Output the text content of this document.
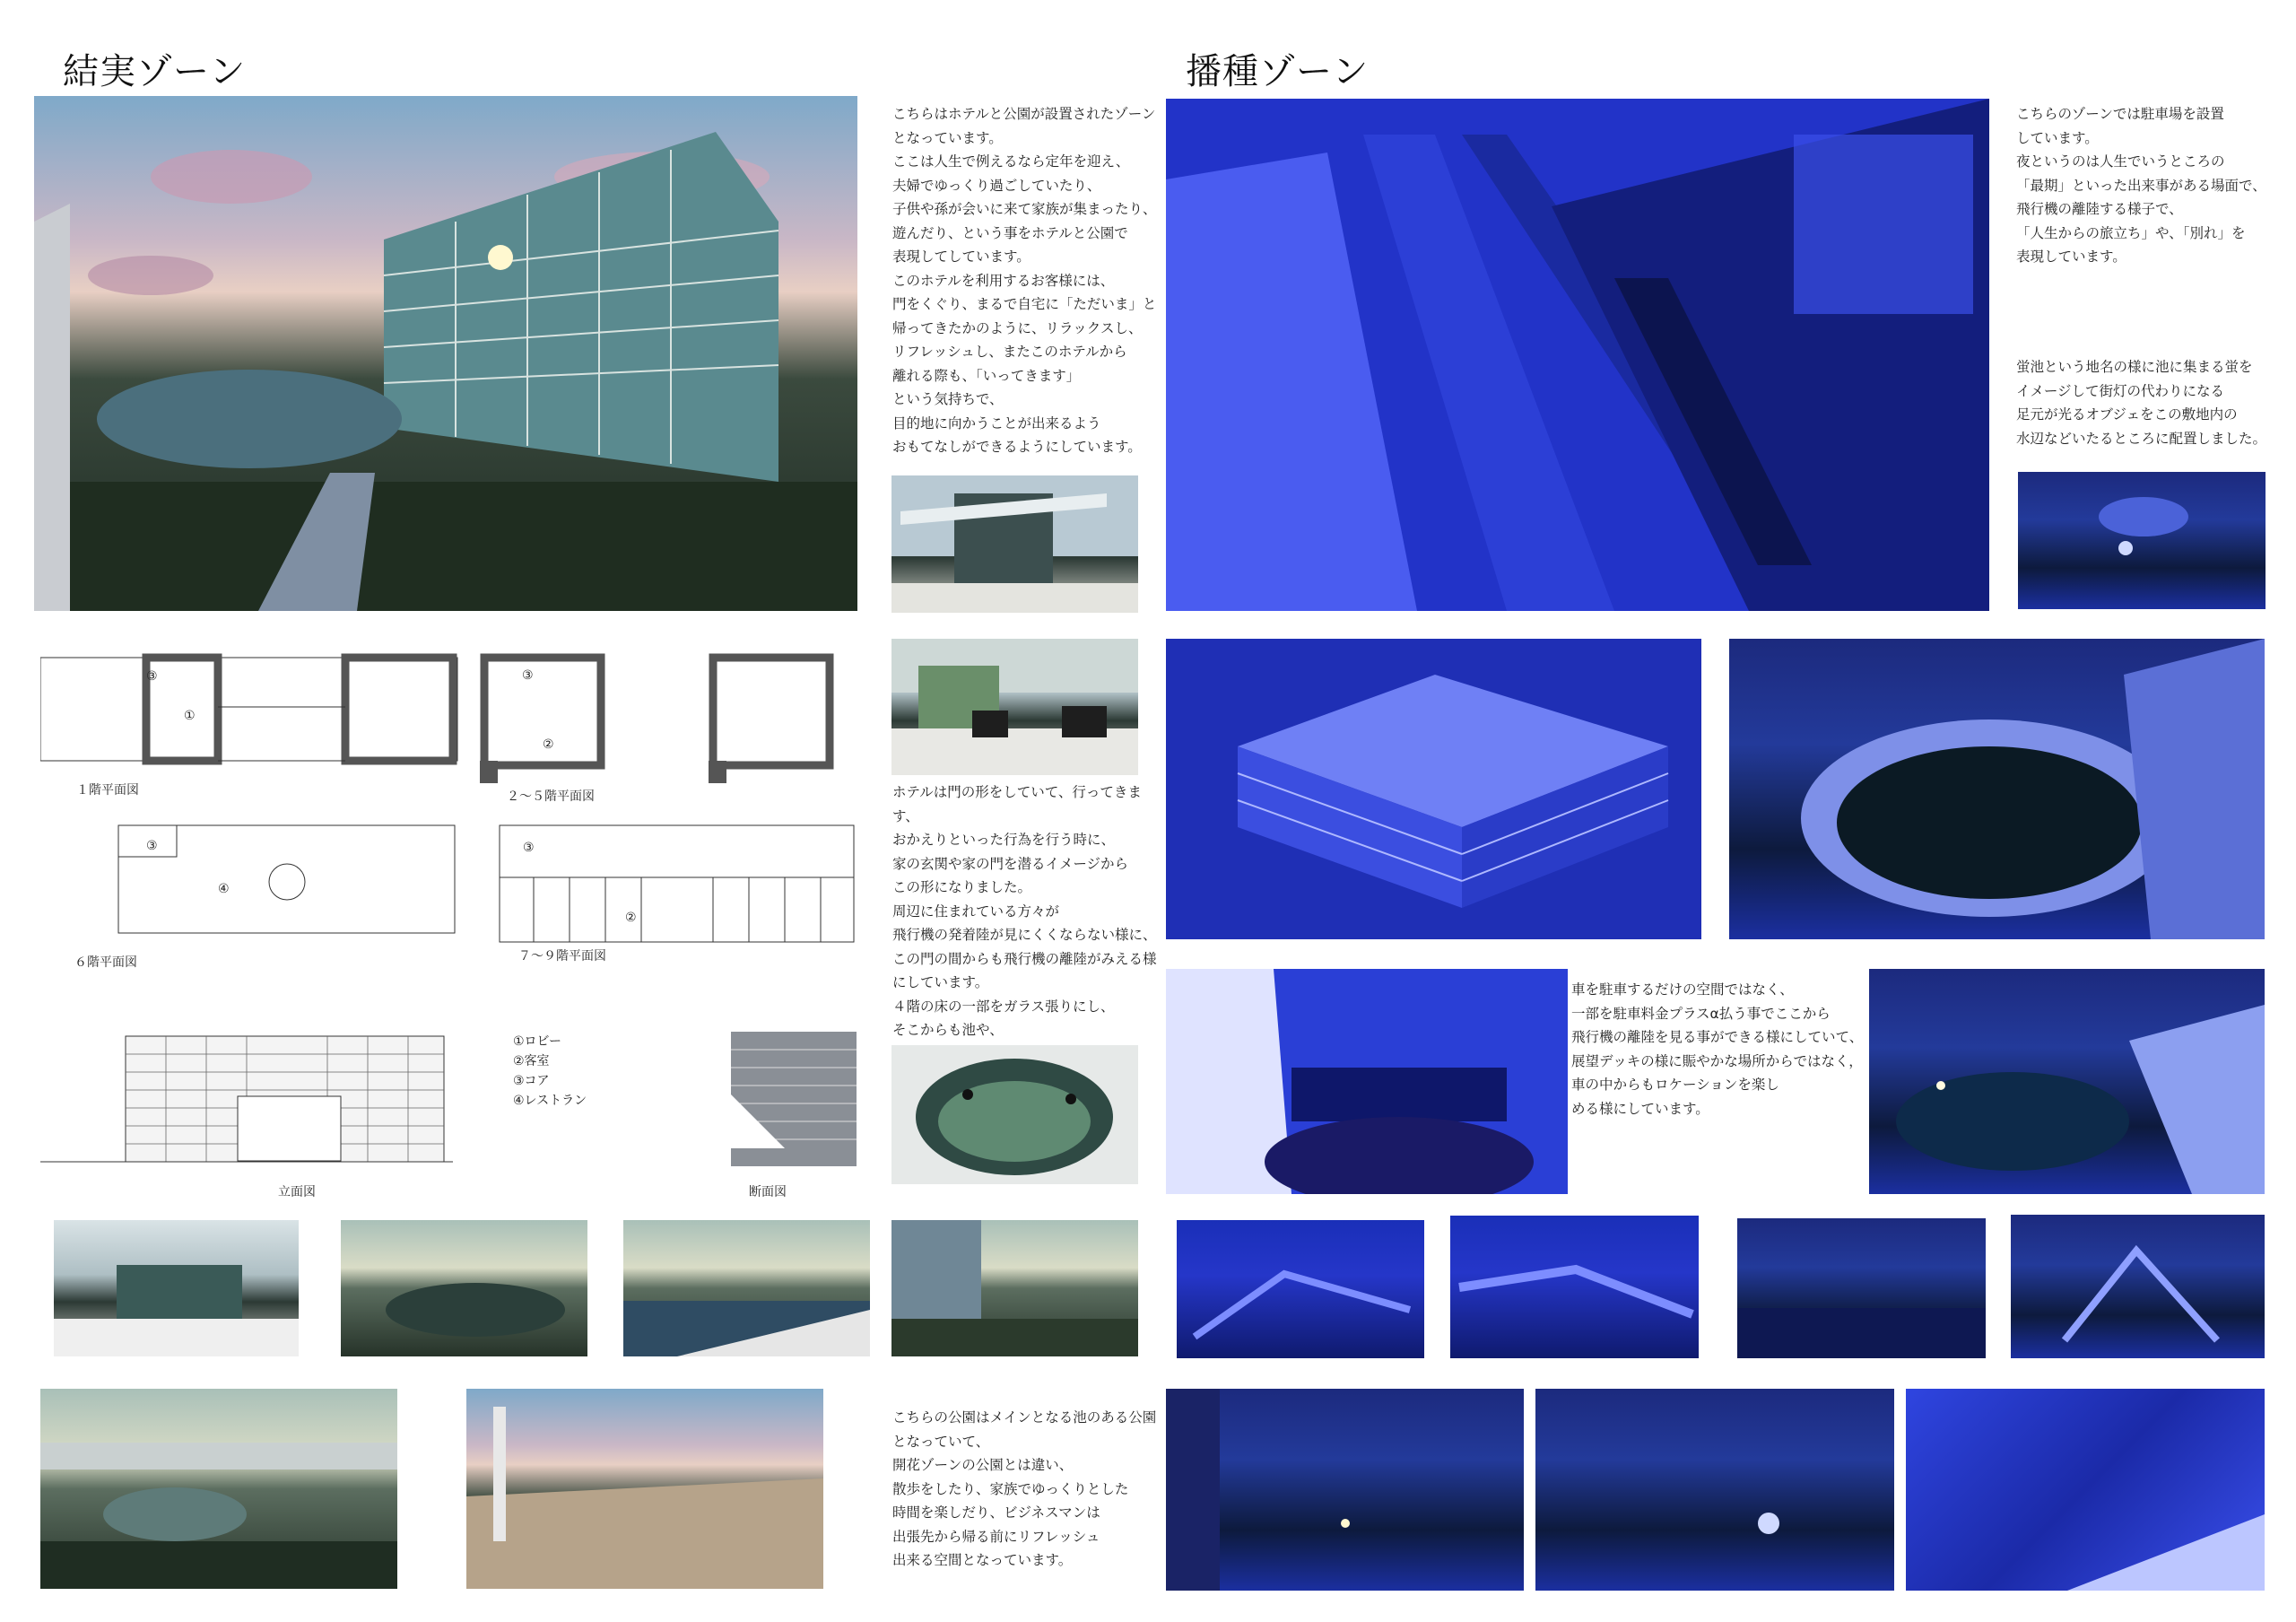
結実ゾーン
こちらはホテルと公園が設置されたゾーン
となっています。
ここは人生で例えるなら定年を迎え、
夫婦でゆっくり過ごしていたり、
子供や孫が会いに来て家族が集まったり、
遊んだり、という事をホテルと公園で
表現してしています。
このホテルを利用するお客様には、
門をくぐり、まるで自宅に「ただいま」と
帰ってきたかのように、リラックスし、
リフレッシュし、またこのホテルから
離れる際も、「いってきます」
という気持ちで、
目的地に向かうことが出来るよう
おもてなしができるようにしています。
ホテルは門の形をしていて、行ってきます、
おかえりといった行為を行う時に、
家の玄関や家の門を潜るイメージから
この形になりました。
周辺に住まれている方々が
飛行機の発着陸が見にくくならない様に、
この門の間からも飛行機の離陸がみえる様
にしています。
４階の床の一部をガラス張りにし、
そこからも池や、

①
③
１階平面図	２～５階平面図
③
②
③
④
６階平面図
③
②
７～９階平面図
立面図
①ロビー
②客室
③コア
④レストラン
断面図
こちらの公園はメインとなる池のある公園
となっていて、
開花ゾーンの公園とは違い、
散歩をしたり、家族でゆっくりとした
時間を楽しだり、ビジネスマンは
出張先から帰る前にリフレッシュ
出来る空間となっています。
播種ゾーン
こちらのゾーンでは駐車場を設置
しています。
夜というのは人生でいうところの
「最期」といった出来事がある場面で、
飛行機の離陸する様子で、
「人生からの旅立ち」や、「別れ」を
表現しています。
蛍池という地名の様に池に集まる蛍を
イメージして街灯の代わりになる
足元が光るオブジェをこの敷地内の
水辺などいたるところに配置しました。
車を駐車するだけの空間ではなく、
一部を駐車料金プラスα払う事でここから
飛行機の離陸を見る事ができる様にしていて、
展望デッキの様に賑やかな場所からではなく，
車の中からもロケーションを楽し
める様にしています。
